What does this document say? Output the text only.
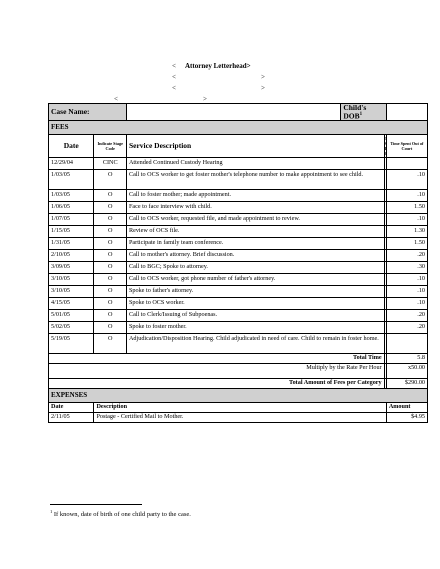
< Attorney Letterhead>
<	>
<	>
<	>
Case Name:			Child's DOB$^1$	
FEES					
Date	Indicate Stage Code	Service Description			Time Spent Out of Court
12/29/04	CINC	Attended Continued Custody Hearing		
1/03/05	O	Call to OCS worker to get foster mother's telephone number to make appointment to see child.			.10
1/03/05	O	Call to foster mother; made appointment.			.10
1/06/05	O	Face to face interview with child.			1.50
1/07/05	O	Call to OCS worker, requested file, and made appointment to review.			.10
1/15/05	O	Review of OCS file.			1.30
1/31/05	O	Participate in family team conference.			1.50
2/10/05	O	Call to mother's attorney. Brief discussion.			.20
3/09/05	O	Call to BGC; Spoke to attorney.			.30
3/10/05	O	Call to OCS worker, got phone number of father's attorney.			.10
3/10/05	O	Spoke to father's attorney.			.10
4/15/05	O	Spoke to OCS worker.			.10
5/01/05	O	Call to Clerk/Issuing of Subpoenas.			.20
5/02/05	O	Spoke to foster mother.			.20
5/19/05	O	Adjudication/Disposition Hearing. Child adjudicated in need of care. Child to remain in foster home.		
Total Time					5.8
Multiply by the Rate Per Hour					x50.00
Total Amount of Fees per Category					$290.00
EXPENSES					
Date	Description				Amount
2/11/05	Postage - Certified Mail to Mother.				$4.95
$^1$ If known, date of birth of one child party to the case.
